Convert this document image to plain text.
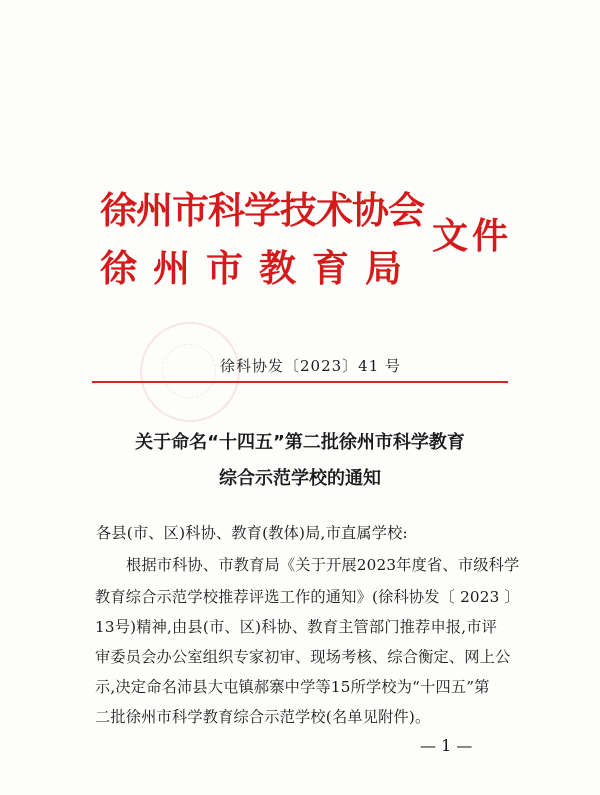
徐州市科学技术协会
徐州市教育局
文件
徐科协发〔2023〕41 号
关于命名“十四五”第二批徐州市科学教育
综合示范学校的通知
各县(市、区)科协、教育(教体)局,市直属学校:
根据市科协、市教育局《关于开展2023年度省、市级科学
教育综合示范学校推荐评选工作的通知》(徐科协发〔 2023 〕
13号)精神,由县(市、区)科协、教育主管部门推荐申报,市评
审委员会办公室组织专家初审、现场考核、综合衡定、网上公
示,决定命名沛县大屯镇郝寨中学等15所学校为“十四五”第
二批徐州市科学教育综合示范学校(名单见附件)。
— 1 —
